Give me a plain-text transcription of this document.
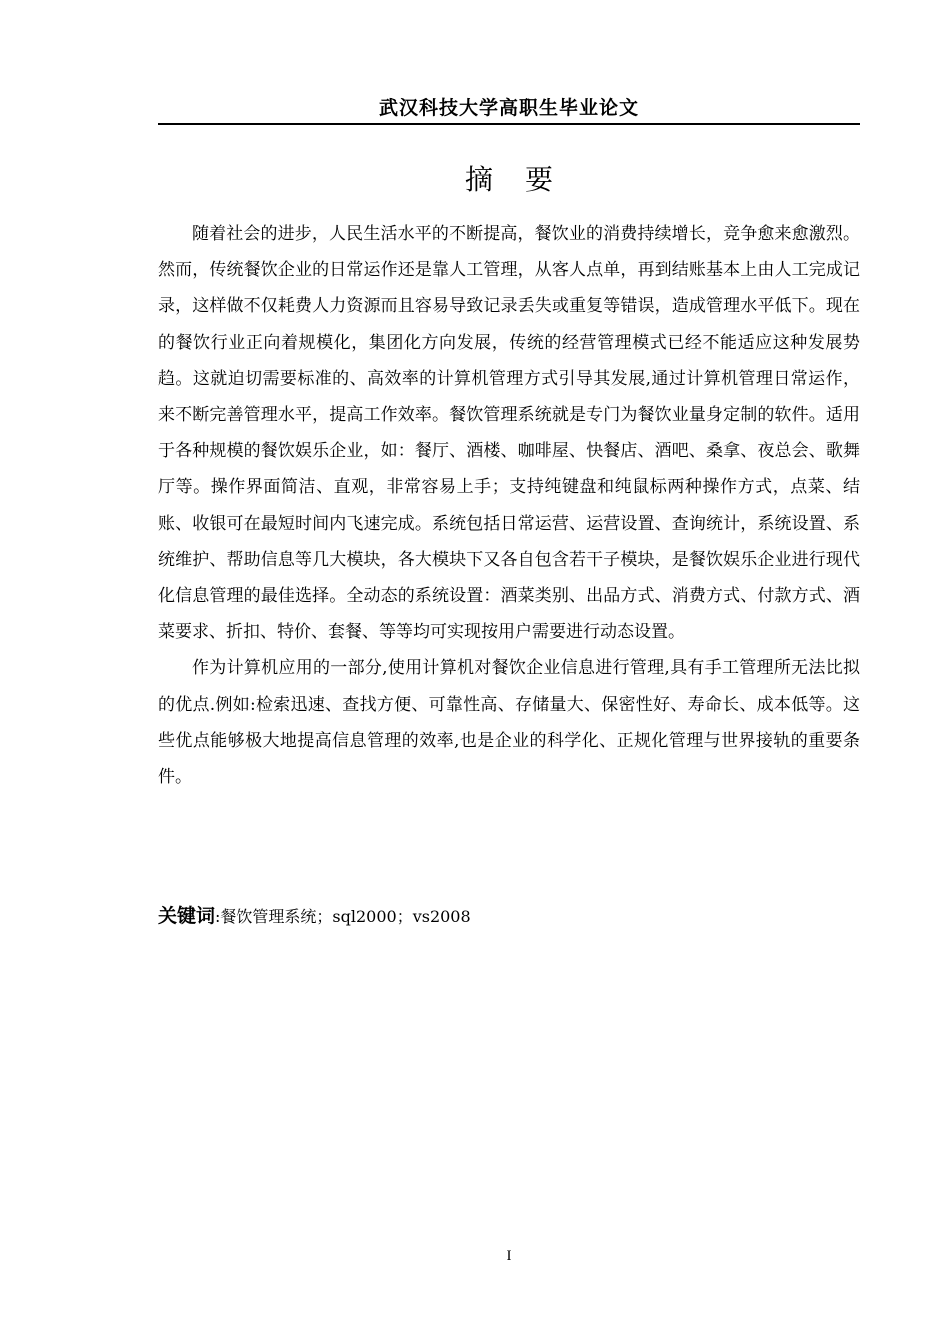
武汉科技大学高职生毕业论文
摘 要

随着社会的进步，人民生活水平的不断提高，餐饮业的消费持续增长，竞争愈来愈激烈。然而，传统餐饮企业的日常运作还是靠人工管理，从客人点单，再到结账基本上由人工完成记录，这样做不仅耗费人力资源而且容易导致记录丢失或重复等错误，造成管理水平低下。现在的餐饮行业正向着规模化，集团化方向发展，传统的经营管理模式已经不能适应这种发展势趋。这就迫切需要标准的、高效率的计算机管理方式引导其发展,通过计算机管理日常运作，来不断完善管理水平，提高工作效率。餐饮管理系统就是专门为餐饮业量身定制的软件。适用于各种规模的餐饮娱乐企业，如：餐厅、酒楼、咖啡屋、快餐店、酒吧、桑拿、夜总会、歌舞厅等。操作界面简洁、直观，非常容易上手；支持纯键盘和纯鼠标两种操作方式，点菜、结账、收银可在最短时间内飞速完成。系统包括日常运营、运营设置、查询统计，系统设置、系统维护、帮助信息等几大模块，各大模块下又各自包含若干子模块，是餐饮娱乐企业进行现代化信息管理的最佳选择。全动态的系统设置：酒菜类别、出品方式、消费方式、付款方式、酒菜要求、折扣、特价、套餐、等等均可实现按用户需要进行动态设置。

作为计算机应用的一部分,使用计算机对餐饮企业信息进行管理,具有手工管理所无法比拟的优点.例如:检索迅速、查找方便、可靠性高、存储量大、保密性好、寿命长、成本低等。这些优点能够极大地提高信息管理的效率,也是企业的科学化、正规化管理与世界接轨的重要条件。

关键词:餐饮管理系统；sql2000；vs2008
I
